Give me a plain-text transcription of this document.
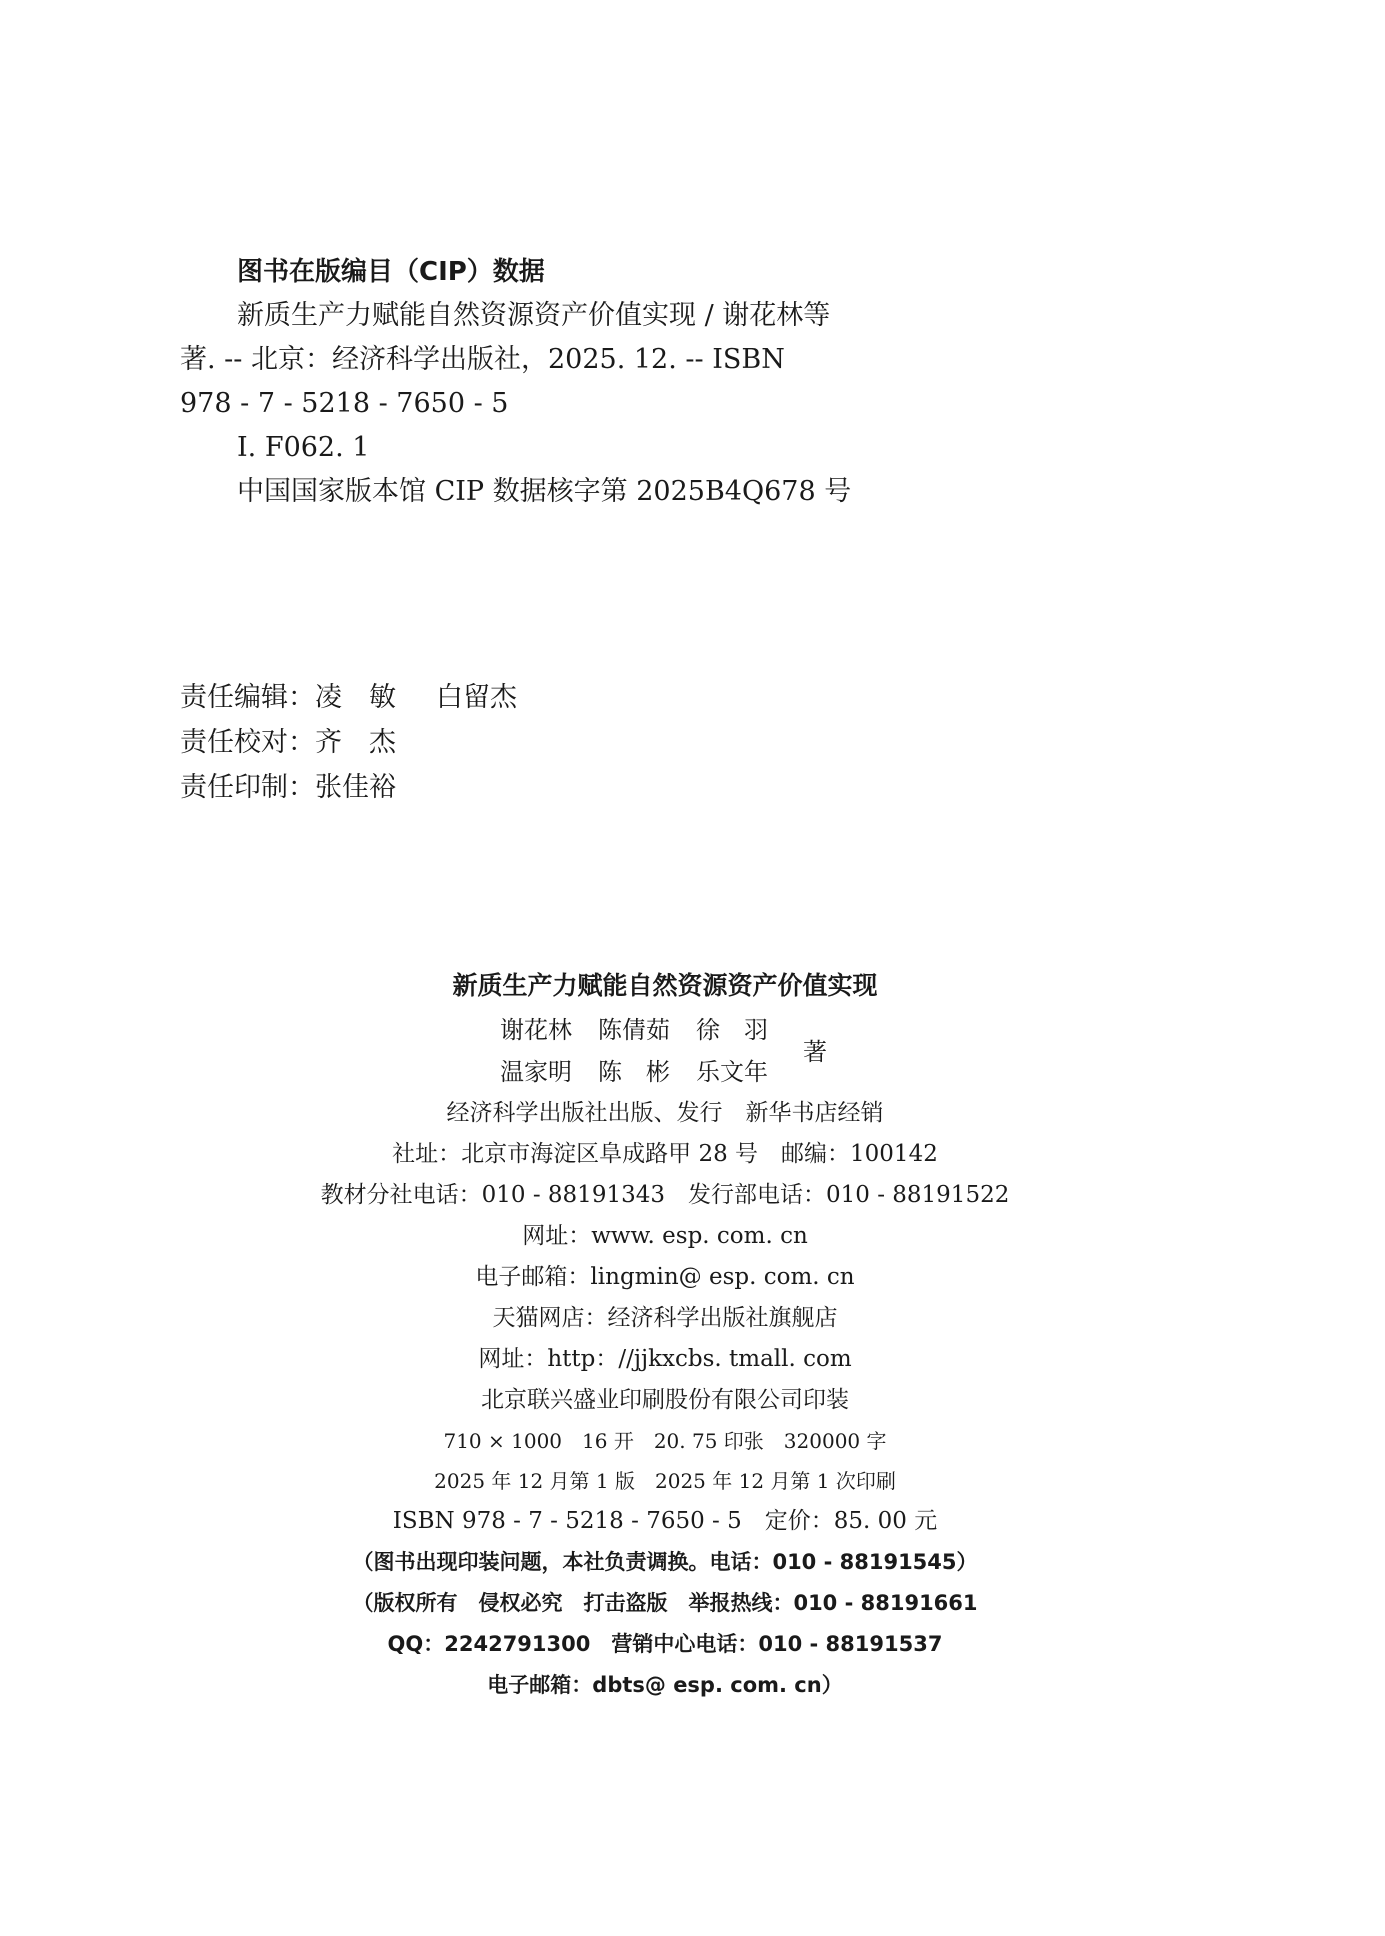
图书在版编目（CIP）数据
新质生产力赋能自然资源资产价值实现 / 谢花林等
著. -- 北京：经济科学出版社，2025. 12. -- ISBN
978 - 7 - 5218 - 7650 - 5
Ⅰ. F062. 1
中国国家版本馆 CIP 数据核字第 2025B4Q678 号
责任编辑：凌　敏 白留杰
责任校对：齐　杰
责任印制：张佳裕
新质生产力赋能自然资源资产价值实现
谢花林 陈倩茹 徐　羽
温家明 陈　彬 乐文年
著
经济科学出版社出版、发行　新华书店经销
社址：北京市海淀区阜成路甲 28 号　邮编：100142
教材分社电话：010 - 88191343　发行部电话：010 - 88191522
网址：www. esp. com. cn
电子邮箱：lingmin@ esp. com. cn
天猫网店：经济科学出版社旗舰店
网址：http：//jjkxcbs. tmall. com
北京联兴盛业印刷股份有限公司印装
710 × 1000　16 开　20. 75 印张　320000 字
2025 年 12 月第 1 版　2025 年 12 月第 1 次印刷
ISBN 978 - 7 - 5218 - 7650 - 5　定价：85. 00 元
（图书出现印装问题，本社负责调换。电话：010 - 88191545）
（版权所有　侵权必究　打击盗版　举报热线：010 - 88191661
QQ：2242791300　营销中心电话：010 - 88191537
电子邮箱：dbts@ esp. com. cn）
